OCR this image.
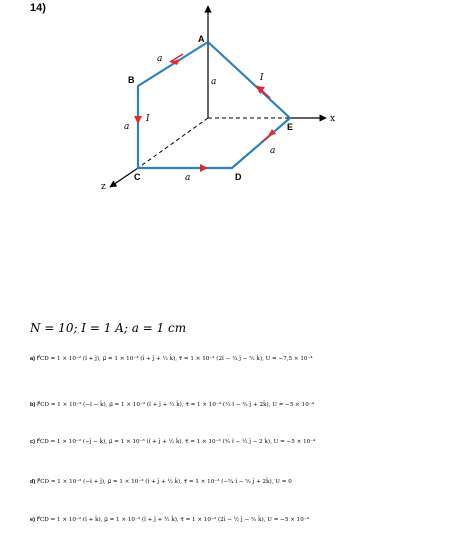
14)
A
B
C	D
E
x
z
a
a
a
a
a
I
I
N = 10; I = 1 A; a = 1 cm
a) F⃗CD = 1 × 10⁻² (î + ĵ), μ⃗ = 1 × 10⁻³ (î + ĵ + ½ k̂), τ⃗ = 1 × 10⁻³ (2î − ¼ ĵ − ⁵⁄₂ k̂), U = −7,5 × 10⁻⁴
b) F⃗CD = 1 × 10⁻² (−î − k̂), μ⃗ = 1 × 10⁻³ (î + ĵ + ½ k̂), τ⃗ = 1 × 10⁻³ (½ î − ³⁄₂ ĵ + 2k̂), U = −5 × 10⁻⁴
c) F⃗CD = 1 × 10⁻² (−ĵ − k̂), μ⃗ = 1 × 10⁻³ (î + ĵ + ½ k̂), τ⃗ = 1 × 10⁻³ (³⁄₂ î − ½ ĵ − 2 k̂), U = −5 × 10⁻⁴
d) F⃗CD = 1 × 10⁻² (−î + ĵ), μ⃗ = 1 × 10⁻³ (î + ĵ + ½ k̂), τ⃗ = 1 × 10⁻³ (−⁵⁄₄ î − ⁵⁄₂ ĵ + 2k̂), U = 0
e) F⃗CD = 1 × 10⁻² (î + k̂), μ⃗ = 1 × 10⁻³ (î + ĵ + ½ k̂), τ⃗ = 1 × 10⁻³ (2î − ½ ĵ − ⁵⁄₂ k̂), U = −5 × 10⁻⁴
